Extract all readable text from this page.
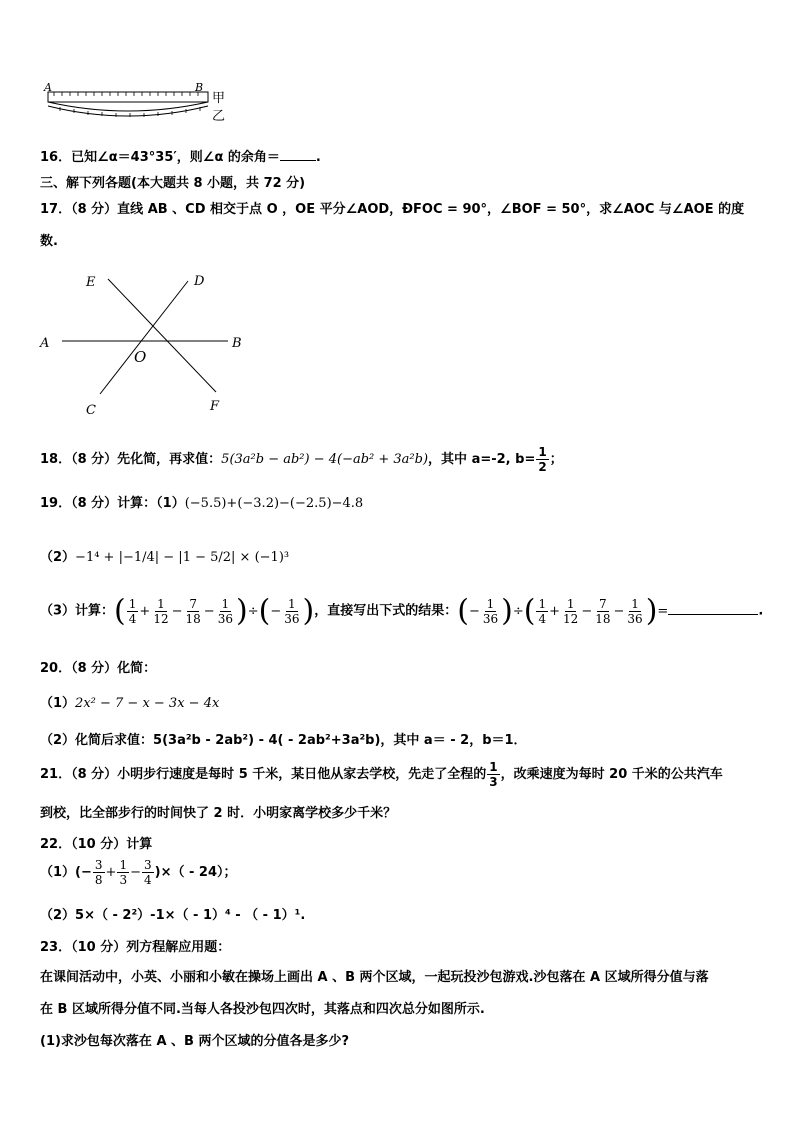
A	B
甲
乙
16．已知∠α＝43°35′，则∠α 的余角＝	.
三、解下列各题(本大题共 8 小题，共 72 分)
17．（8 分）直线 AB 、CD 相交于点 O ，OE 平分∠AOD，ÐFOC = 90°，∠BOF = 50°，求∠AOC 与∠AOE 的度
数.
E	D
A	B
O
C	F
18．（8 分）先化简，再求值：5(3a²b − ab²) − 4(−ab² + 3a²b)，其中 a=-2, $b= \frac{1}{2}$ ；
19．（8 分）计算：（1）(−5.5)+(−3.2)−(−2.5)−4.8
（2）−1⁴ + |−1/4| − |1 − 5/2| × (−1)³
（3）计算：( $\frac{1}{4} + \frac{1}{12} - \frac{7}{18} - \frac{1}{36}$ )÷(− $\frac{1}{36}$ )，直接写出下式的结果：(− $\frac{1}{36}$ )÷( $\frac{1}{4} + \frac{1}{12} - \frac{7}{18} - \frac{1}{36}$ )=	.
20．（8 分）化简：
（1）2x² − 7 − x − 3x − 4x
（2）化简后求值：5(3a²b - 2ab²) - 4( - 2ab²+3a²b)，其中 a＝ - 2，b＝1．
21．（8 分）小明步行速度是每时 5 千米，某日他从家去学校，先走了全程的 $\frac{1}{3}$ ，改乘速度为每时 20 千米的公共汽车
到校，比全部步行的时间快了 2 时．小明家离学校多少千米？
22．（10 分）计算
$(1)(- \frac{3}{8} + \frac{1}{3} - \frac{3}{4}$ )×（ - 24）；
（2）5×（ - 2²）-1×（ - 1）⁴ - （ - 1）¹.
23．（10 分）列方程解应用题：
在课间活动中，小英、小丽和小敏在操场上画出 A 、B 两个区域，一起玩投沙包游戏.沙包落在 A 区域所得分值与落
在 B 区域所得分值不同.当每人各投沙包四次时，其落点和四次总分如图所示.
(1)求沙包每次落在 A 、B 两个区域的分值各是多少?
